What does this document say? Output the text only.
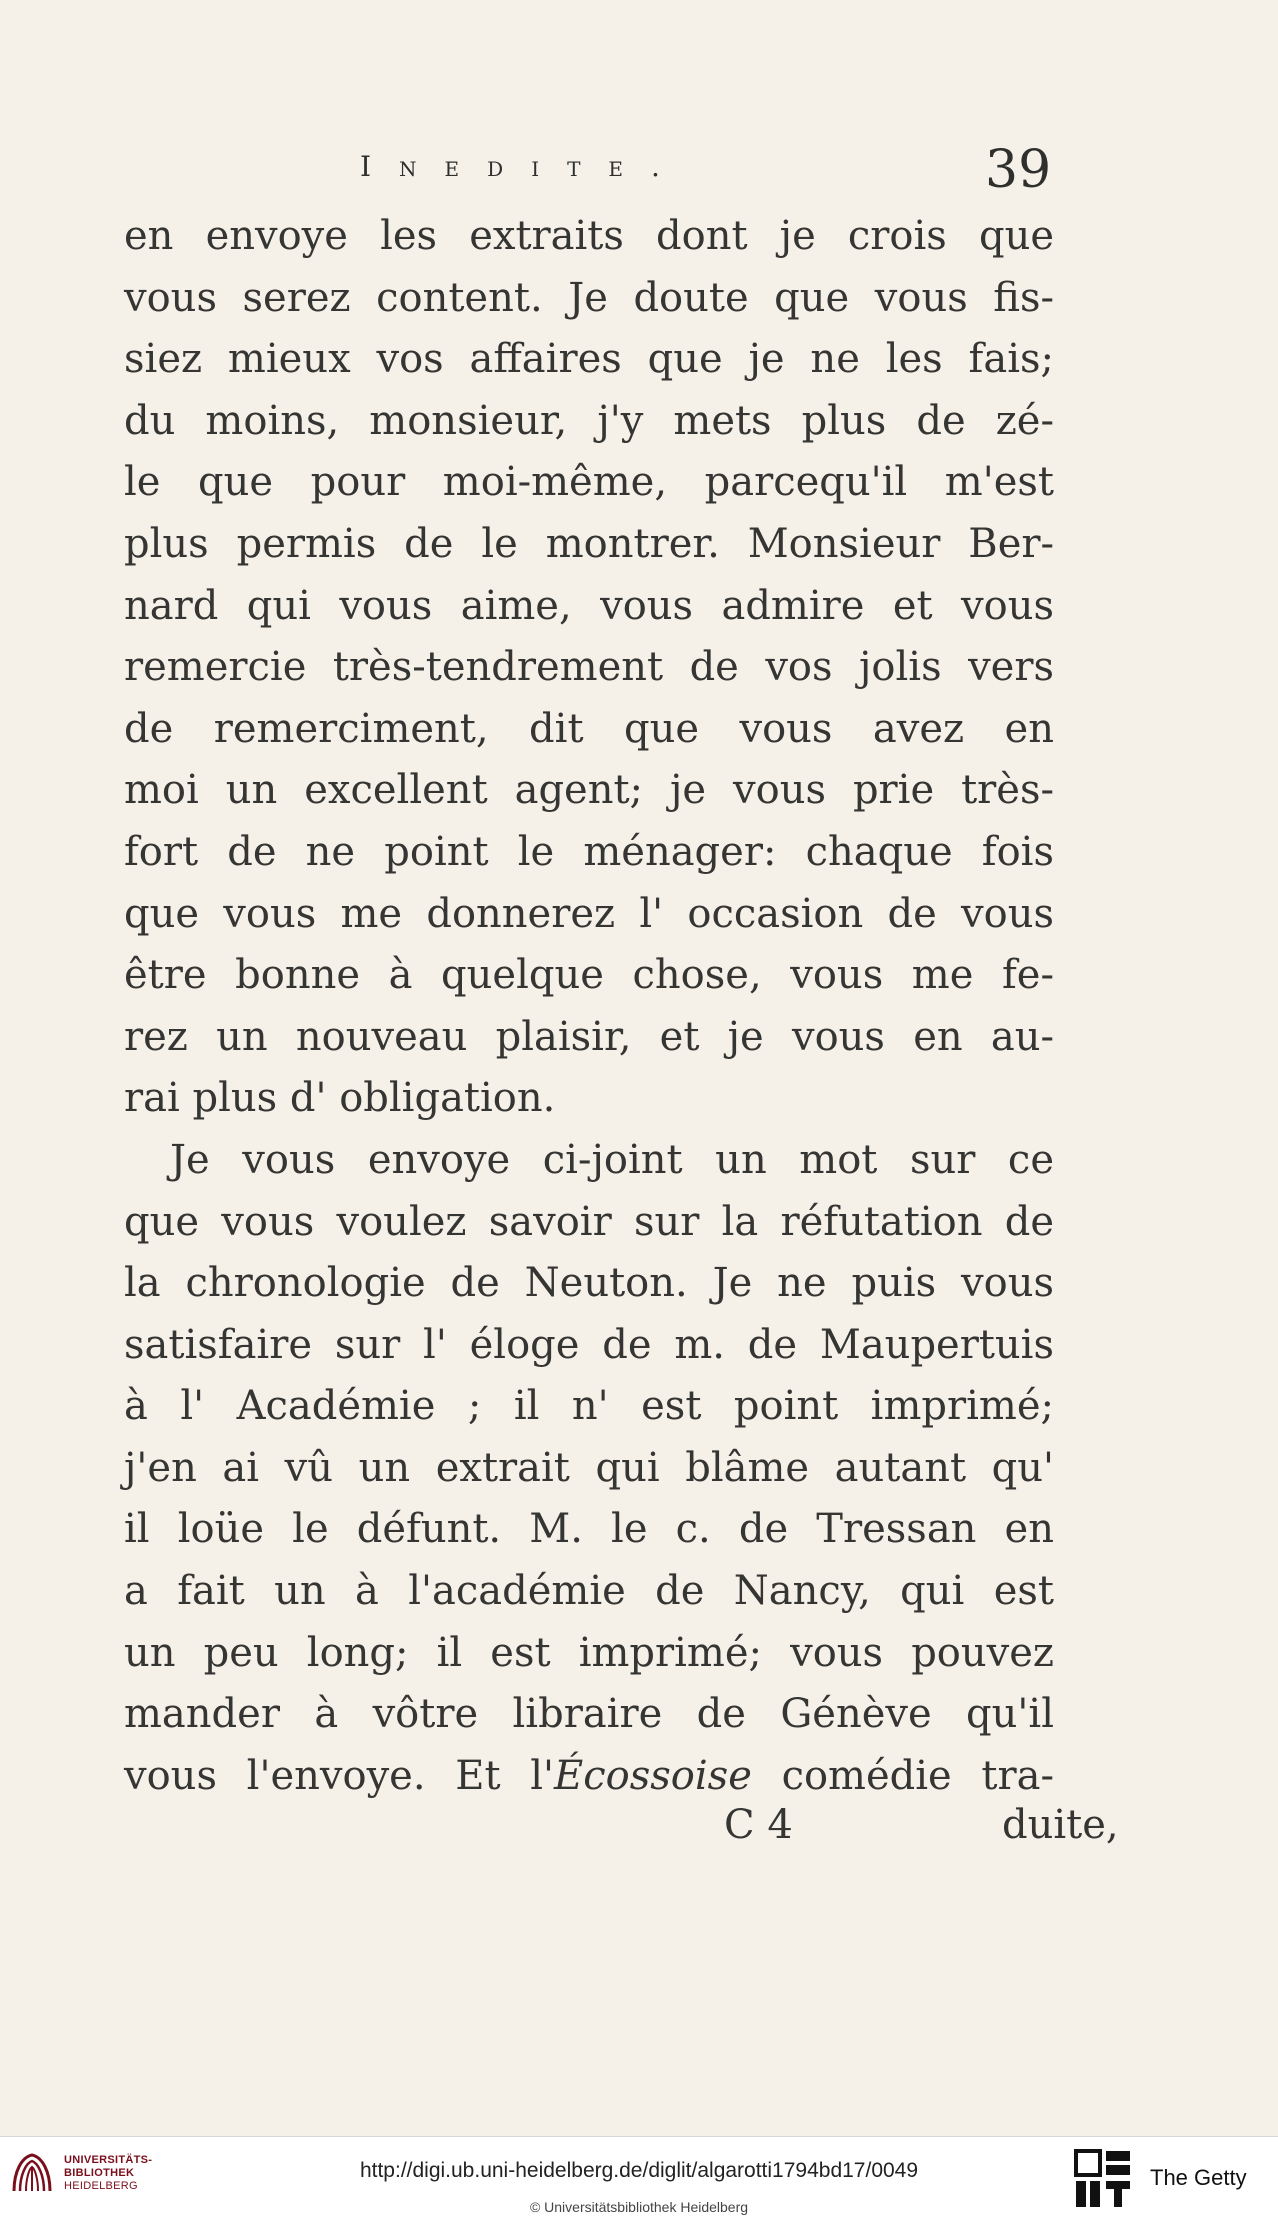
Inedite.	39
en envoye les extraits dont je crois que
vous serez content. Je doute que vous fis-
siez mieux vos affaires que je ne les fais;
du moins, monsieur, j'y mets plus de zé-
le que pour moi-même, parcequ'il m'est
plus permis de le montrer. Monsieur Ber-
nard qui vous aime, vous admire et vous
remercie très-tendrement de vos jolis vers
de remerciment, dit que vous avez en
moi un excellent agent; je vous prie très-
fort de ne point le ménager: chaque fois
que vous me donnerez l' occasion de vous
être bonne à quelque chose, vous me fe-
rez un nouveau plaisir, et je vous en au-
rai plus d' obligation.
Je vous envoye ci-joint un mot sur ce
que vous voulez savoir sur la réfutation de
la chronologie de Neuton. Je ne puis vous
satisfaire sur l' éloge de m. de Maupertuis
à l' Académie ; il n' est point imprimé;
j'en ai vû un extrait qui blâme autant qu'
il loüe le défunt. M. le c. de Tressan en
a fait un à l'académie de Nancy, qui est
un peu long; il est imprimé; vous pouvez
mander à vôtre libraire de Génève qu'il
vous l'envoye. Et l'Écossoise comédie tra-
C 4	duite,
UNIVERSITÄTS-
BIBLIOTHEK
HEIDELBERG
http://digi.ub.uni-heidelberg.de/diglit/algarotti1794bd17/0049
© Universitätsbibliothek Heidelberg
The Getty
